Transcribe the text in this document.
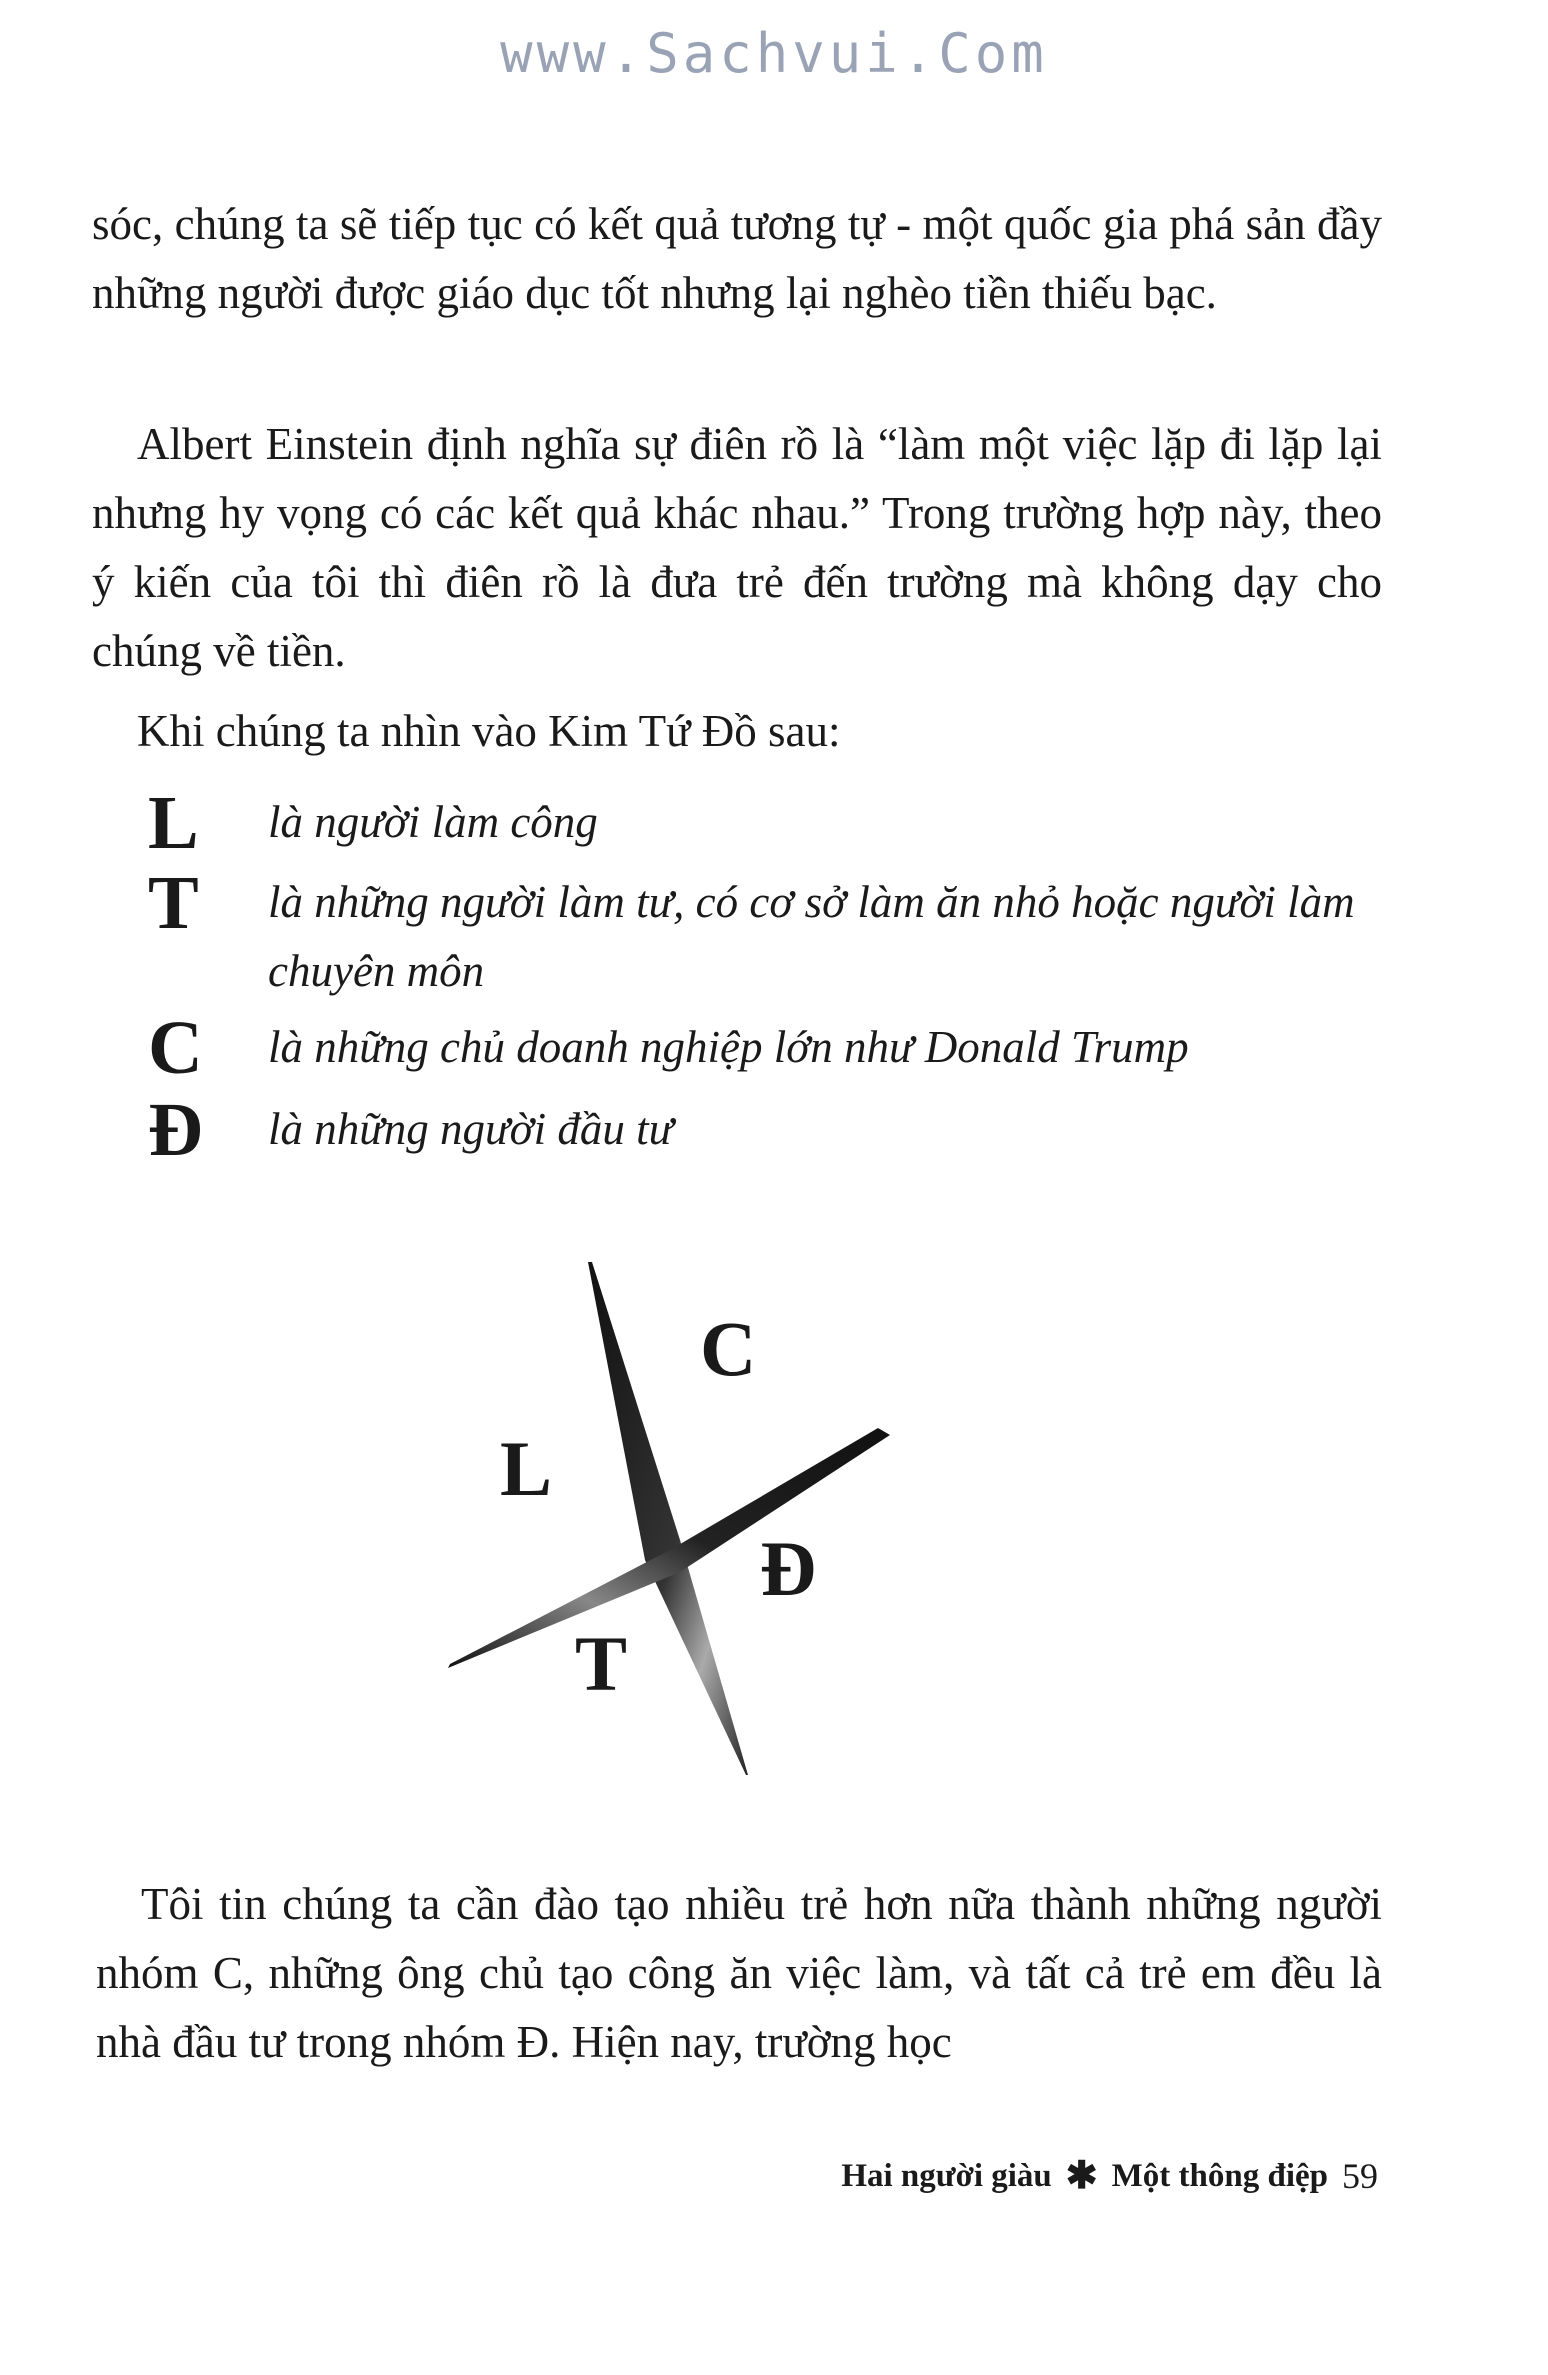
www.Sachvui.Com

sóc, chúng ta sẽ tiếp tục có kết quả tương tự - một quốc gia phá sản đầy những người được giáo dục tốt nhưng lại nghèo tiền thiếu bạc.

Albert Einstein định nghĩa sự điên rồ là “làm một việc lặp đi lặp lại nhưng hy vọng có các kết quả khác nhau.” Trong trường hợp này, theo ý kiến của tôi thì điên rồ là đưa trẻ đến trường mà không dạy cho chúng về tiền.

Khi chúng ta nhìn vào Kim Tứ Đồ sau:

L	là người làm công
T	là những người làm tư, có cơ sở làm ăn nhỏ hoặc người làm chuyên môn
C	là những chủ doanh nghiệp lớn như Donald Trump
Đ	là những người đầu tư
L
C
T
Đ

Tôi tin chúng ta cần đào tạo nhiều trẻ hơn nữa thành những người nhóm C, những ông chủ tạo công ăn việc làm, và tất cả trẻ em đều là nhà đầu tư trong nhóm Đ. Hiện nay, trường học

Hai người giàu ✱ Một thông điệp 59
